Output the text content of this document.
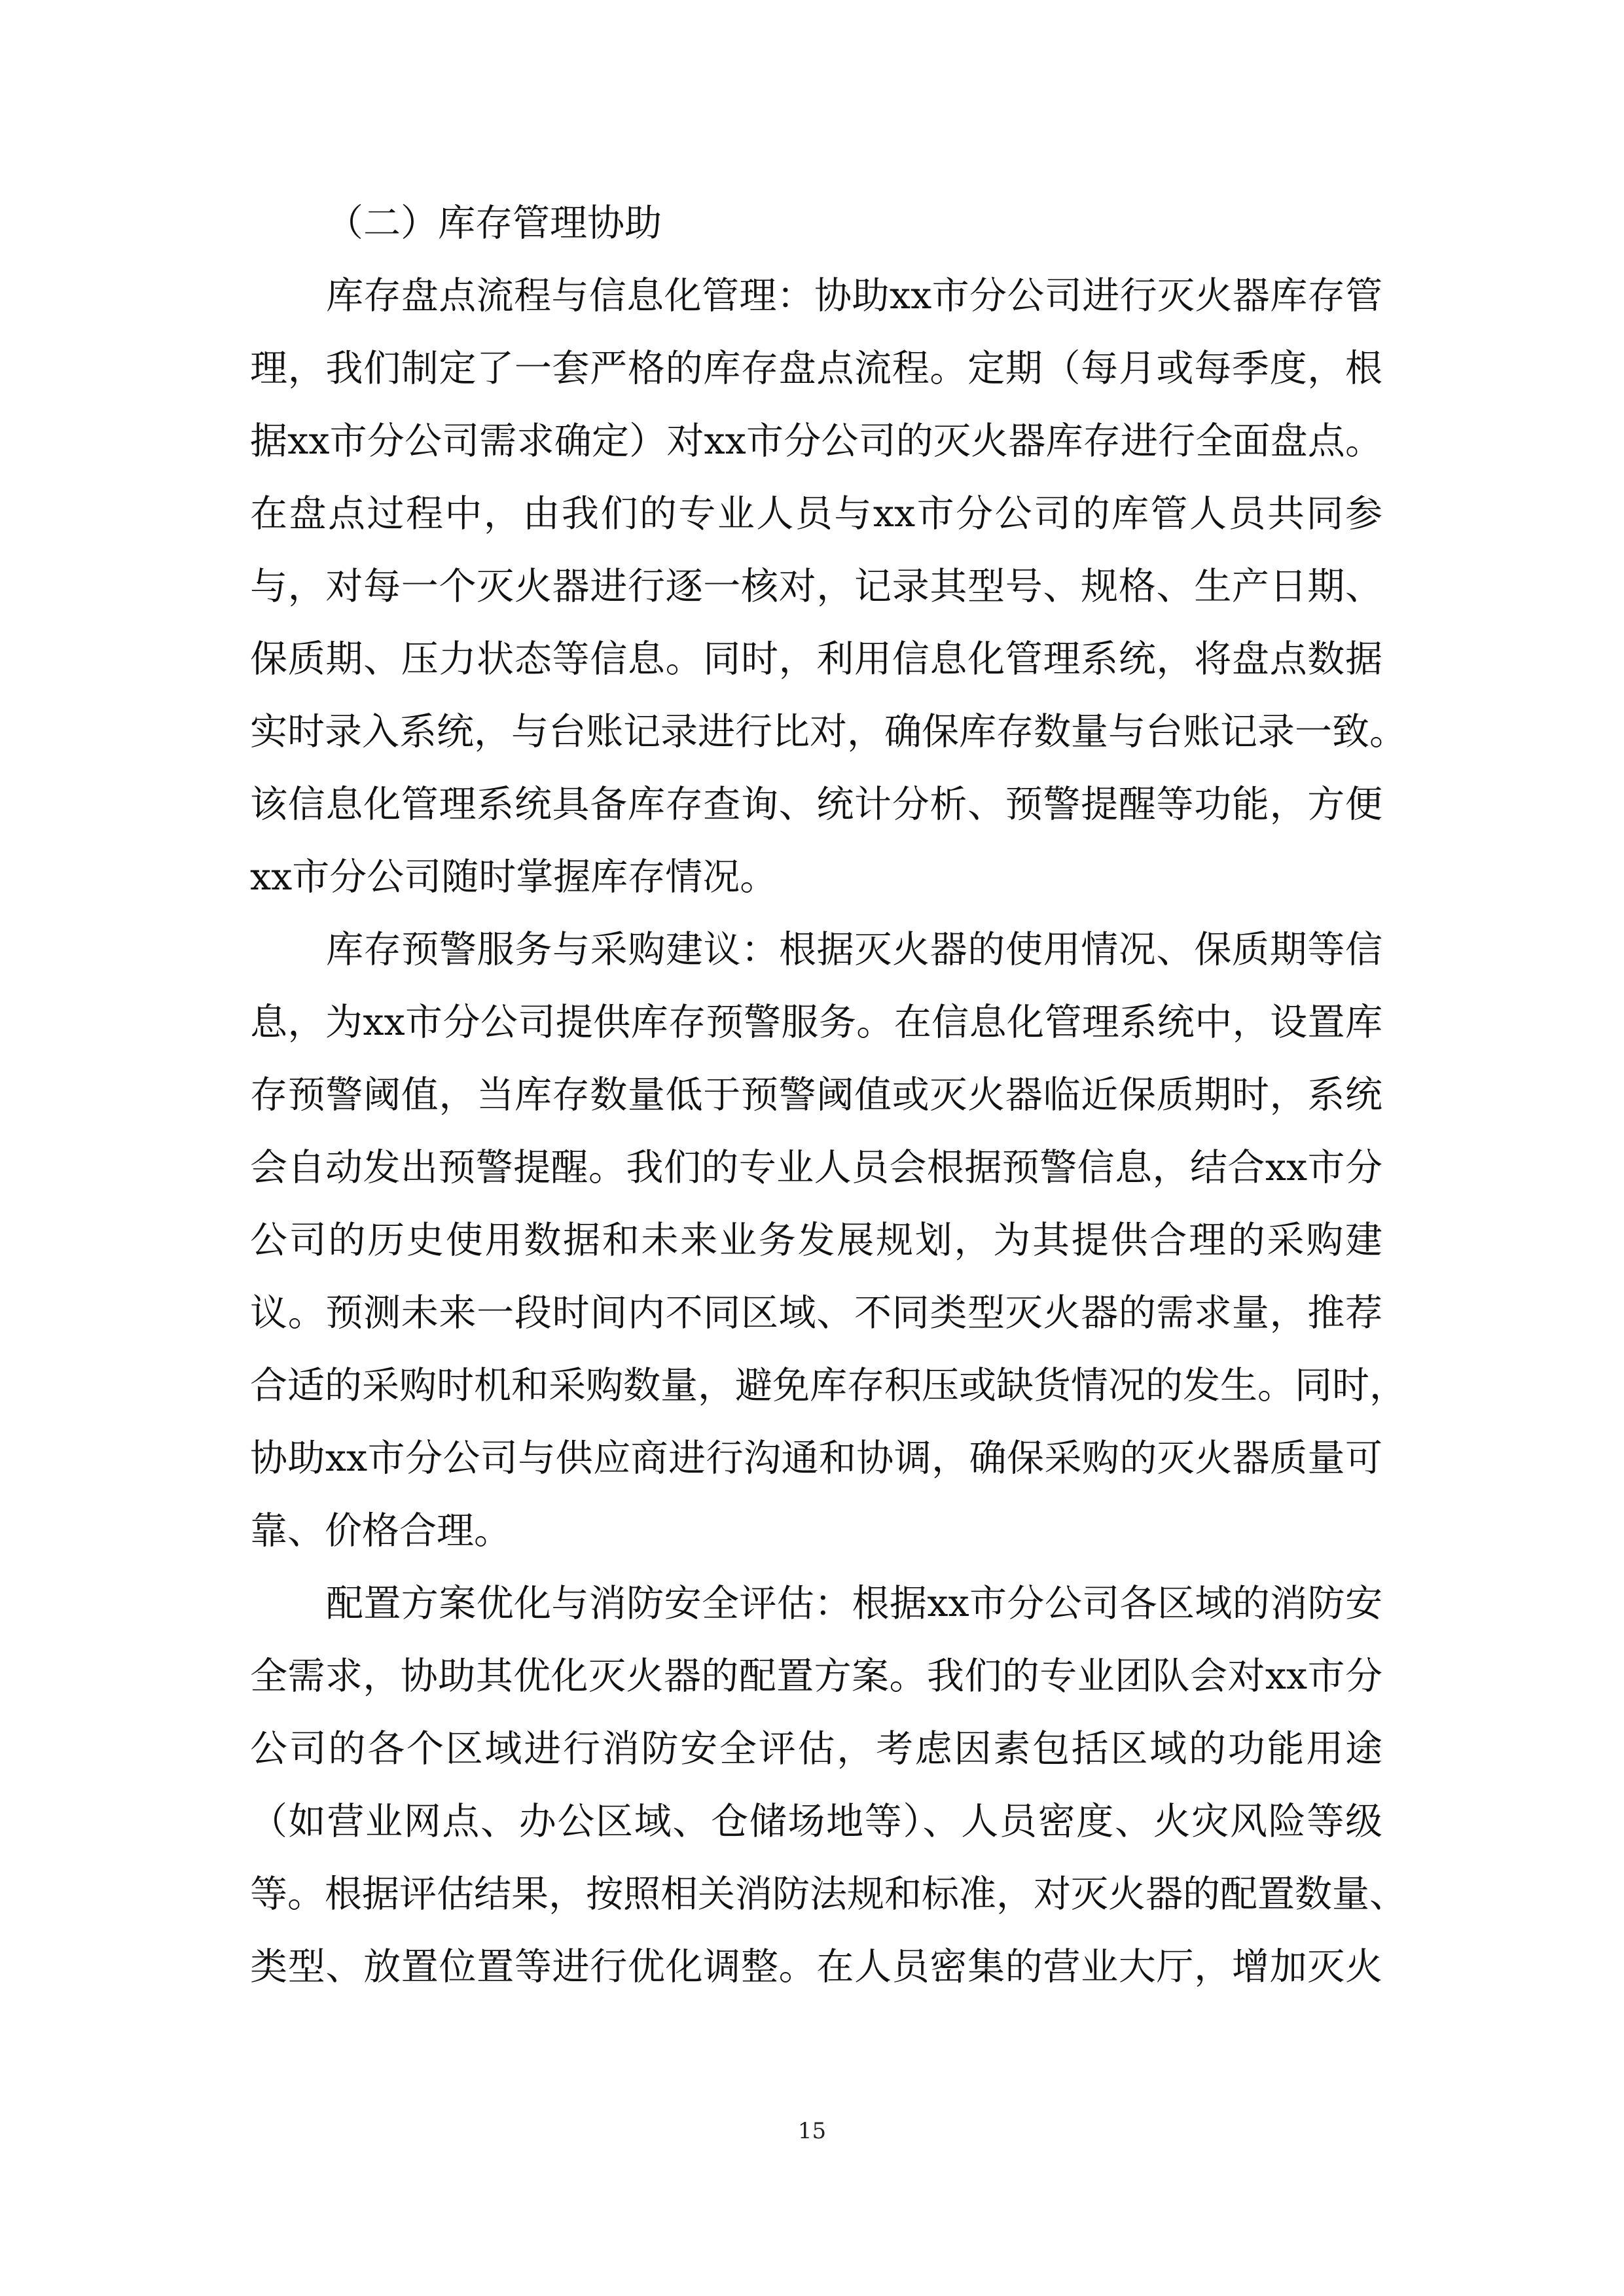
（二）库存管理协助
库存盘点流程与信息化管理：协助xx市分公司进行灭火器库存管
理，我们制定了一套严格的库存盘点流程。定期（每月或每季度，根
据xx市分公司需求确定）对xx市分公司的灭火器库存进行全面盘点。
在盘点过程中，由我们的专业人员与xx市分公司的库管人员共同参
与，对每一个灭火器进行逐一核对，记录其型号、规格、生产日期、
保质期、压力状态等信息。同时，利用信息化管理系统，将盘点数据
实时录入系统，与台账记录进行比对，确保库存数量与台账记录一致。
该信息化管理系统具备库存查询、统计分析、预警提醒等功能，方便
xx市分公司随时掌握库存情况。
库存预警服务与采购建议：根据灭火器的使用情况、保质期等信
息，为xx市分公司提供库存预警服务。在信息化管理系统中，设置库
存预警阈值，当库存数量低于预警阈值或灭火器临近保质期时，系统
会自动发出预警提醒。我们的专业人员会根据预警信息，结合xx市分
公司的历史使用数据和未来业务发展规划，为其提供合理的采购建
议。预测未来一段时间内不同区域、不同类型灭火器的需求量，推荐
合适的采购时机和采购数量，避免库存积压或缺货情况的发生。同时，
协助xx市分公司与供应商进行沟通和协调，确保采购的灭火器质量可
靠、价格合理。
配置方案优化与消防安全评估：根据xx市分公司各区域的消防安
全需求，协助其优化灭火器的配置方案。我们的专业团队会对xx市分
公司的各个区域进行消防安全评估，考虑因素包括区域的功能用途
（如营业网点、办公区域、仓储场地等）、人员密度、火灾风险等级
等。根据评估结果，按照相关消防法规和标准，对灭火器的配置数量、
类型、放置位置等进行优化调整。在人员密集的营业大厅，增加灭火
15
